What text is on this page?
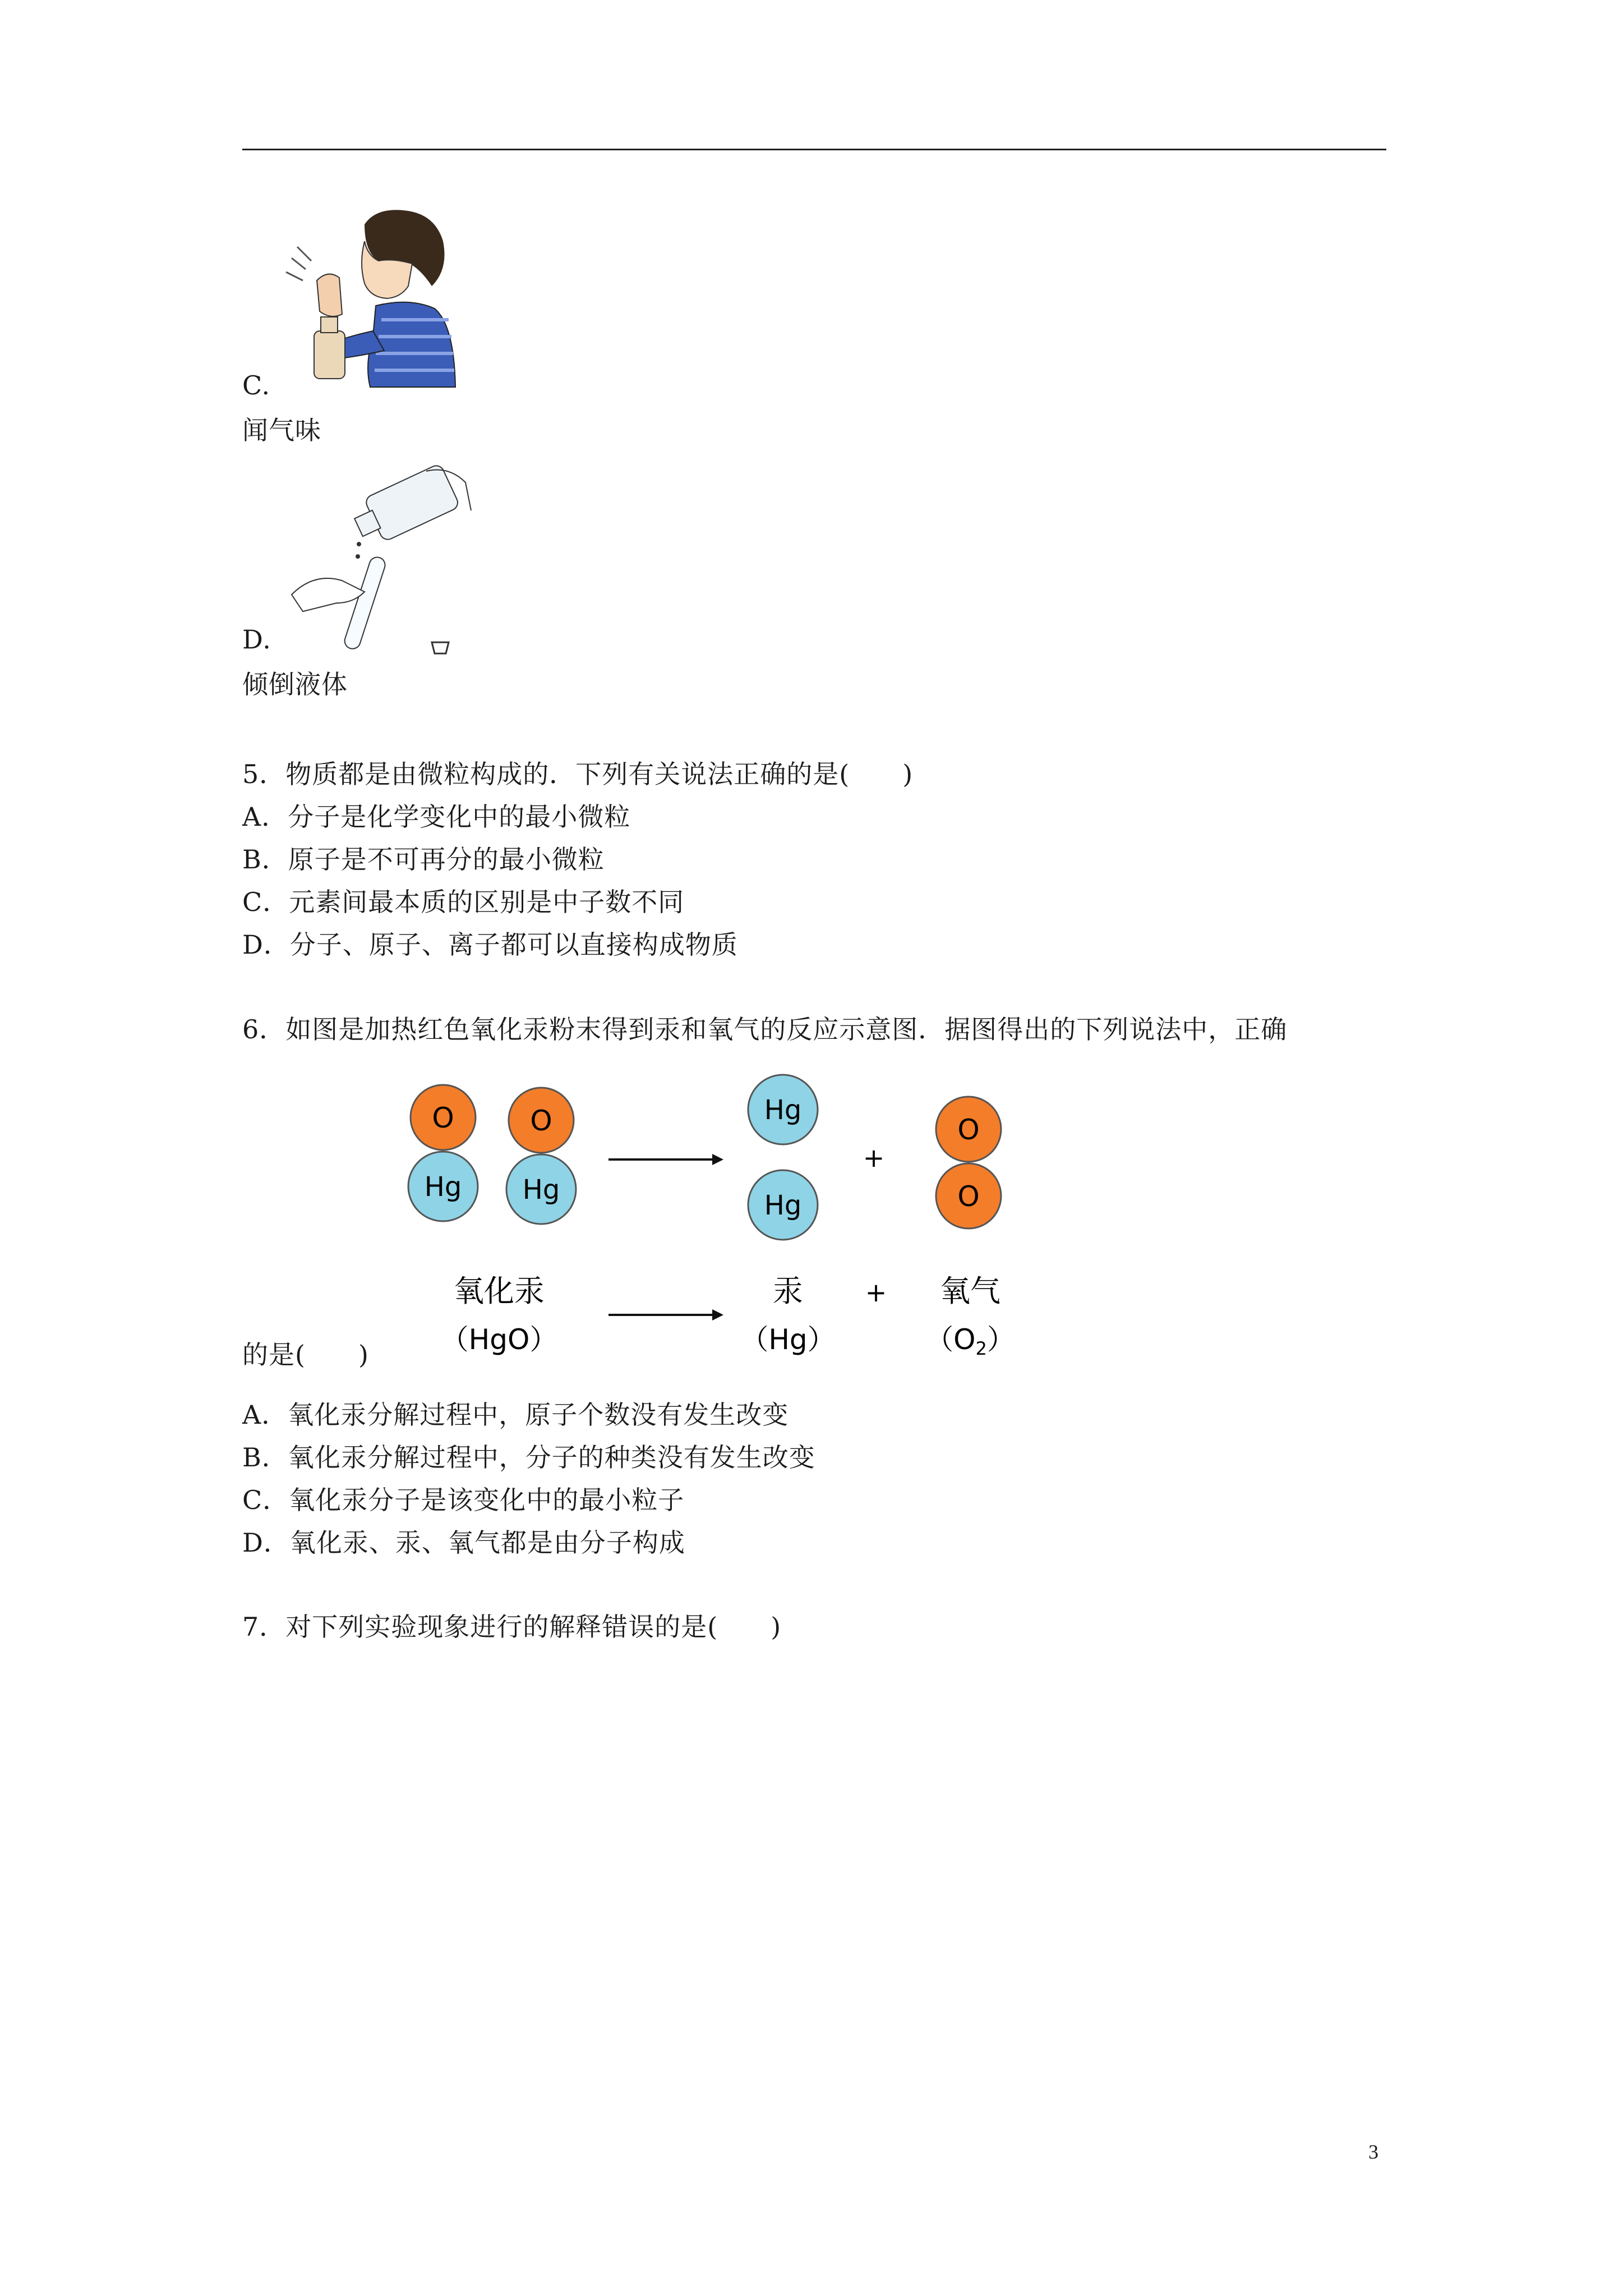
C.
闻气味
D.
倾倒液体
5．物质都是由微粒构成的．下列有关说法正确的是(　　)
A．分子是化学变化中的最小微粒
B．原子是不可再分的最小微粒
C．元素间最本质的区别是中子数不同
D．分子、原子、离子都可以直接构成物质
6．如图是加热红色氧化汞粉末得到汞和氧气的反应示意图．据图得出的下列说法中，正确
O
Hg
O
Hg
Hg
Hg
+
O
O
氧化汞
（HgO）
汞
（Hg）
+ 氧气
$(O_2)$
的是(　　)
A．氧化汞分解过程中，原子个数没有发生改变
B．氧化汞分解过程中，分子的种类没有发生改变
C．氧化汞分子是该变化中的最小粒子
D．氧化汞、汞、氧气都是由分子构成
7．对下列实验现象进行的解释错误的是(　　)
3
